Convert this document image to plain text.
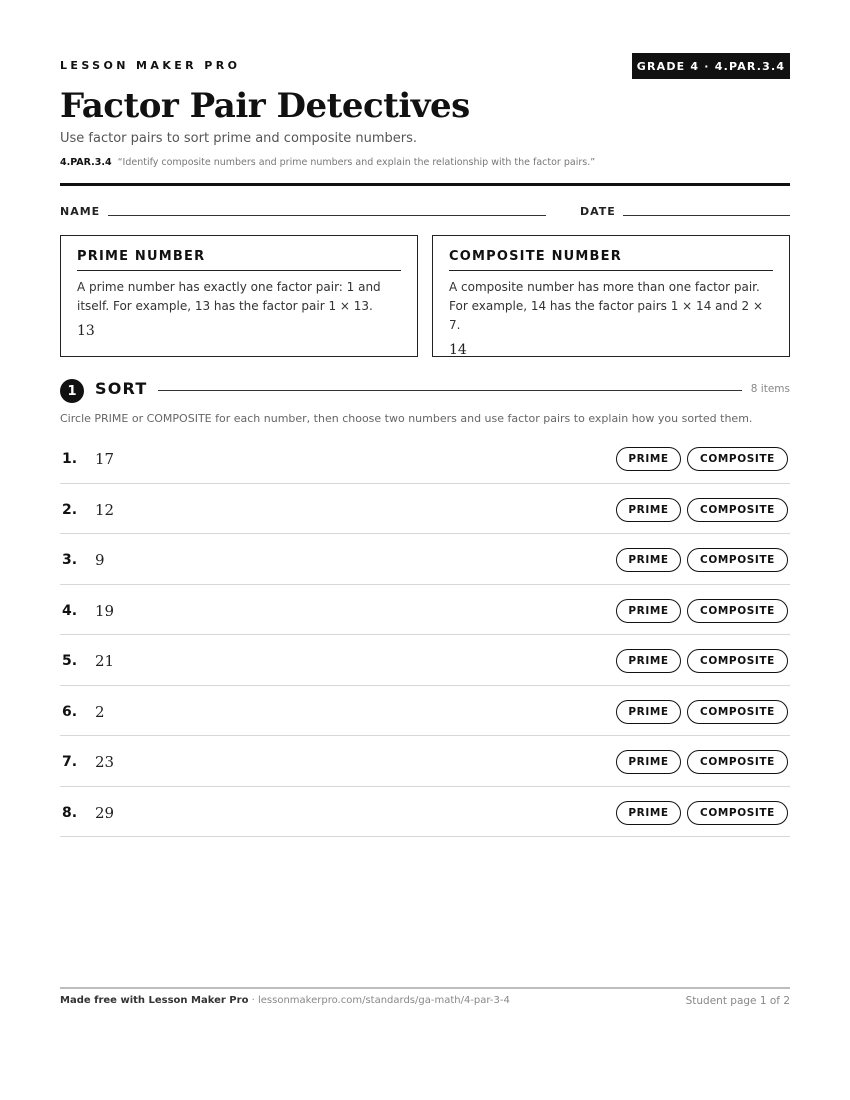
LESSON MAKER PRO	GRADE 4 · 4.PAR.3.4
Factor Pair Detectives
Use factor pairs to sort prime and composite numbers.
4.PAR.3.4 “Identify composite numbers and prime numbers and explain the relationship with the factor pairs.”
NAME	DATE
PRIME NUMBER
A prime number has exactly one factor pair: 1 and itself. For example, 13 has the factor pair 1 × 13.
13
COMPOSITE NUMBER
A composite number has more than one factor pair. For example, 14 has the factor pairs 1 × 14 and 2 × 7.
14
1	SORT	8 items
Circle PRIME or COMPOSITE for each number, then choose two numbers and use factor pairs to explain how you sorted them.
1. 17	PRIME	COMPOSITE
2. 12	PRIME	COMPOSITE
3. 9	PRIME	COMPOSITE
4. 19	PRIME	COMPOSITE
5. 21	PRIME	COMPOSITE
6. 2	PRIME	COMPOSITE
7. 23	PRIME	COMPOSITE
8. 29	PRIME	COMPOSITE
Made free with Lesson Maker Pro · lessonmakerpro.com/standards/ga-math/4-par-3-4	Student page 1 of 2
